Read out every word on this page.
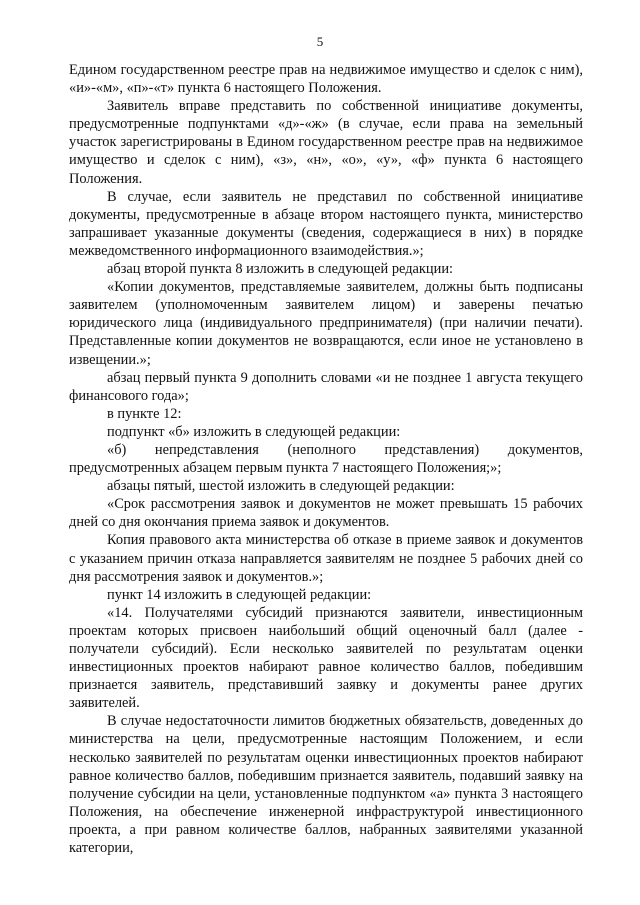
5

Едином государственном реестре прав на недвижимое имущество и сделок с ним), «и»-«м», «п»-«т» пункта 6 настоящего Положения.

Заявитель вправе представить по собственной инициативе документы, предусмотренные подпунктами «д»-«ж» (в случае, если права на земельный участок зарегистрированы в Едином государственном реестре прав на недвижимое имущество и сделок с ним), «з», «н», «о», «у», «ф» пункта 6 настоящего Положения.

В случае, если заявитель не представил по собственной инициативе документы, предусмотренные в абзаце втором настоящего пункта, министерство запрашивает указанные документы (сведения, содержащиеся в них) в порядке межведомственного информационного взаимодействия.»;

абзац второй пункта 8 изложить в следующей редакции:

«Копии документов, представляемые заявителем, должны быть подписаны заявителем (уполномоченным заявителем лицом) и заверены печатью юридического лица (индивидуального предпринимателя) (при наличии печати). Представленные копии документов не возвращаются, если иное не установлено в извещении.»;

абзац первый пункта 9 дополнить словами «и не позднее 1 августа текущего финансового года»;

в пункте 12:

подпункт «б» изложить в следующей редакции:

«б) непредставления (неполного представления) документов, предусмотренных абзацем первым пункта 7 настоящего Положения;»;

абзацы пятый, шестой изложить в следующей редакции:

«Срок рассмотрения заявок и документов не может превышать 15 рабочих дней со дня окончания приема заявок и документов.

Копия правового акта министерства об отказе в приеме заявок и документов с указанием причин отказа направляется заявителям не позднее 5 рабочих дней со дня рассмотрения заявок и документов.»;

пункт 14 изложить в следующей редакции:

«14. Получателями субсидий признаются заявители, инвестиционным проектам которых присвоен наибольший общий оценочный балл (далее - получатели субсидий). Если несколько заявителей по результатам оценки инвестиционных проектов набирают равное количество баллов, победившим признается заявитель, представивший заявку и документы ранее других заявителей.

В случае недостаточности лимитов бюджетных обязательств, доведенных до министерства на цели, предусмотренные настоящим Положением, и если несколько заявителей по результатам оценки инвестиционных проектов набирают равное количество баллов, победившим признается заявитель, подавший заявку на получение субсидии на цели, установленные подпунктом «а» пункта 3 настоящего Положения, на обеспечение инженерной инфраструктурой инвестиционного проекта, а при равном количестве баллов, набранных заявителями указанной категории,
